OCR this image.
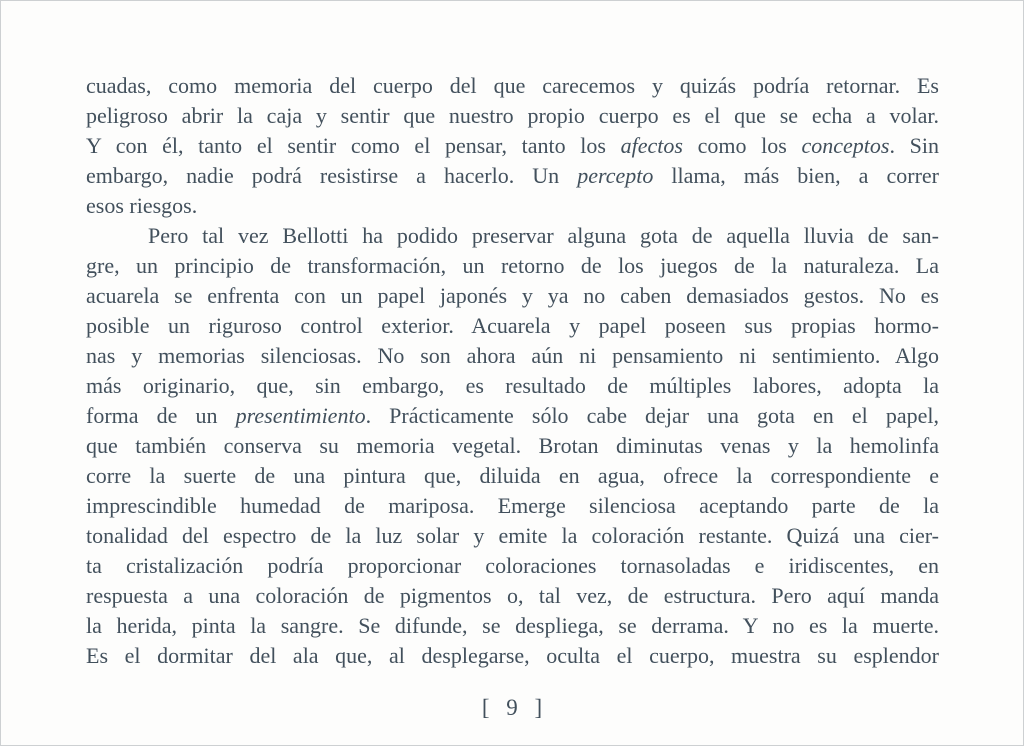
cuadas, como memoria del cuerpo del que carecemos y quizás podría retornar. Es
peligroso abrir la caja y sentir que nuestro propio cuerpo es el que se echa a volar.
Y con él, tanto el sentir como el pensar, tanto los afectos como los conceptos. Sin
embargo, nadie podrá resistirse a hacerlo. Un percepto llama, más bien, a correr
esos riesgos.
Pero tal vez Bellotti ha podido preservar alguna gota de aquella lluvia de san-
gre, un principio de transformación, un retorno de los juegos de la naturaleza. La
acuarela se enfrenta con un papel japonés y ya no caben demasiados gestos. No es
posible un riguroso control exterior. Acuarela y papel poseen sus propias hormo-
nas y memorias silenciosas. No son ahora aún ni pensamiento ni sentimiento. Algo
más originario, que, sin embargo, es resultado de múltiples labores, adopta la
forma de un presentimiento. Prácticamente sólo cabe dejar una gota en el papel,
que también conserva su memoria vegetal. Brotan diminutas venas y la hemolinfa
corre la suerte de una pintura que, diluida en agua, ofrece la correspondiente e
imprescindible humedad de mariposa. Emerge silenciosa aceptando parte de la
tonalidad del espectro de la luz solar y emite la coloración restante. Quizá una cier-
ta cristalización podría proporcionar coloraciones tornasoladas e iridiscentes, en
respuesta a una coloración de pigmentos o, tal vez, de estructura. Pero aquí manda
la herida, pinta la sangre. Se difunde, se despliega, se derrama. Y no es la muerte.
Es el dormitar del ala que, al desplegarse, oculta el cuerpo, muestra su esplendor
[ 9 ]
